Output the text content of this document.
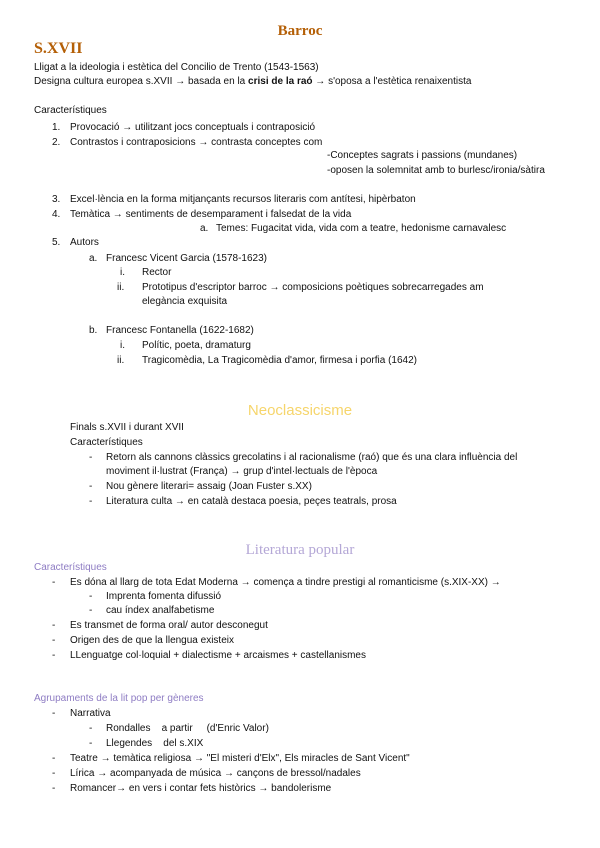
Barroc
S.XVII
Lligat a la ideologia i estètica del Concilio de Trento (1543-1563)
Designa cultura europea s.XVII → basada en la crisi de la raó → s'oposa a l'estètica renaixentista
Característiques
1. Provocació → utilitzant jocs conceptuals i contraposició
2. Contrastos i contraposicions → contrasta conceptes com
-Conceptes sagrats i passions (mundanes)
-oposen la solemnitat amb to burlesc/ironia/sàtira
3. Excel·lència en la forma mitjançants recursos literaris com antítesi, hipèrbaton
4. Temàtica → sentiments de desemparament i falsedat de la vida
a. Temes: Fugacitat vida, vida com a teatre, hedonisme carnavalesc
5. Autors
a. Francesc Vicent Garcia (1578-1623)
i. Rector
ii. Prototipus d'escriptor barroc → composicions poètiques sobrecarregades am
elegància exquisita
b. Francesc Fontanella (1622-1682)
i. Polític, poeta, dramaturg
ii. Tragicomèdia, La Tragicomèdia d'amor, firmesa i porfia (1642)
Neoclassicisme
Finals s.XVII i durant XVII
Característiques
- Retorn als cannons clàssics grecolatins i al racionalisme (raó) que és una clara influència del
moviment il·lustrat (França) → grup d'intel·lectuals de l'època
- Nou gènere literari= assaig (Joan Fuster s.XX)
- Literatura culta → en català destaca poesia, peçes teatrals, prosa
Literatura popular
Característiques
- Es dóna al llarg de tota Edat Moderna → comença a tindre prestigi al romanticisme (s.XIX-XX) →
- Imprenta fomenta difussió
- cau índex analfabetisme
- Es transmet de forma oral/ autor desconegut
- Origen des de que la llengua existeix
- LLenguatge col·loquial + dialectisme + arcaismes + castellanismes
Agrupaments de la lit pop per gèneres
- Narrativa
- Rondalles    a partir     (d'Enric Valor)
- Llegendes    del s.XIX
- Teatre → temàtica religiosa → "El misteri d'Elx", Els miracles de Sant Vicent"
- Lírica → acompanyada de música → cançons de bressol/nadales
- Romancer→ en vers i contar fets històrics → bandolerisme
